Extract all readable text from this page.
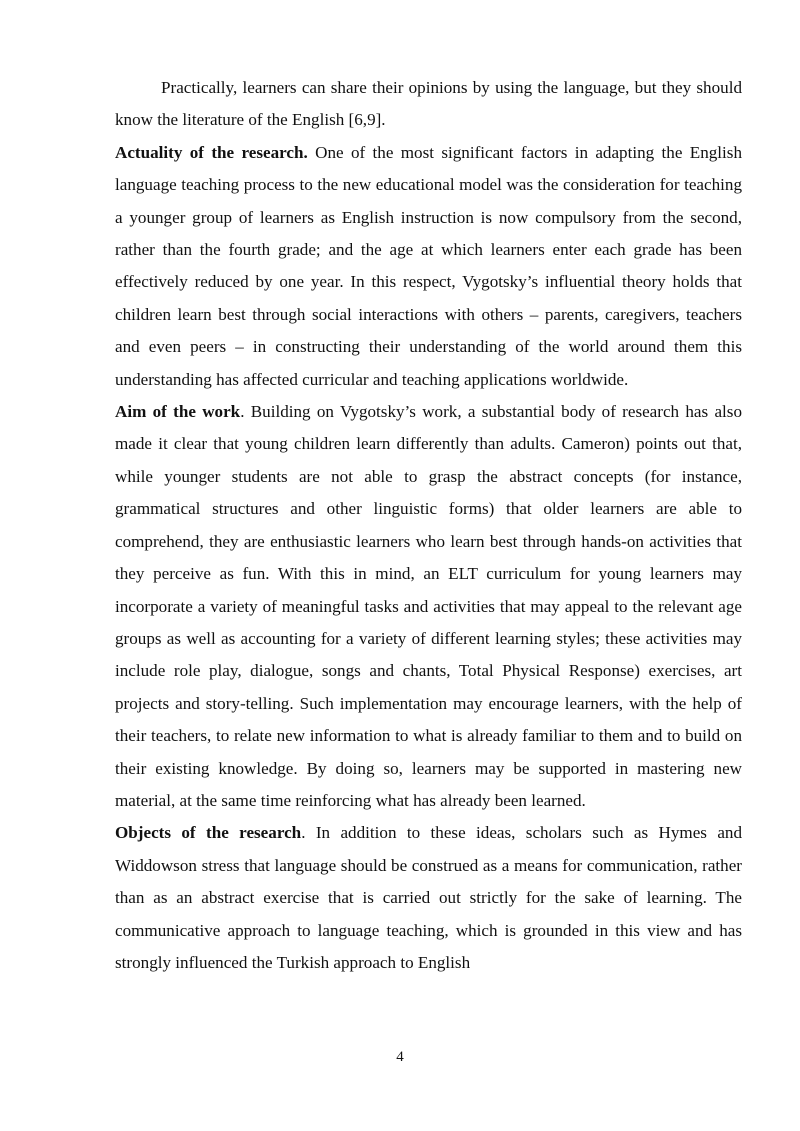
Practically, learners can share their opinions by using the language, but they should know the literature of the English [6,9].

Actuality of the research. One of the most significant factors in adapting the English language teaching process to the new educational model was the consideration for teaching a younger group of learners as English instruction is now compulsory from the second, rather than the fourth grade; and the age at which learners enter each grade has been effectively reduced by one year. In this respect, Vygotsky’s influential theory holds that children learn best through social interactions with others – parents, caregivers, teachers and even peers – in constructing their understanding of the world around them this understanding has affected curricular and teaching applications worldwide.

Aim of the work. Building on Vygotsky’s work, a substantial body of research has also made it clear that young children learn differently than adults. Cameron) points out that, while younger students are not able to grasp the abstract concepts (for instance, grammatical structures and other linguistic forms) that older learners are able to comprehend, they are enthusiastic learners who learn best through hands-on activities that they perceive as fun. With this in mind, an ELT curriculum for young learners may incorporate a variety of meaningful tasks and activities that may appeal to the relevant age groups as well as accounting for a variety of different learning styles; these activities may include role play, dialogue, songs and chants, Total Physical Response) exercises, art projects and story-telling. Such implementation may encourage learners, with the help of their teachers, to relate new information to what is already familiar to them and to build on their existing knowledge. By doing so, learners may be supported in mastering new material, at the same time reinforcing what has already been learned.

Objects of the research. In addition to these ideas, scholars such as Hymes and Widdowson stress that language should be construed as a means for communication, rather than as an abstract exercise that is carried out strictly for the sake of learning. The communicative approach to language teaching, which is grounded in this view and has strongly influenced the Turkish approach to English

4
